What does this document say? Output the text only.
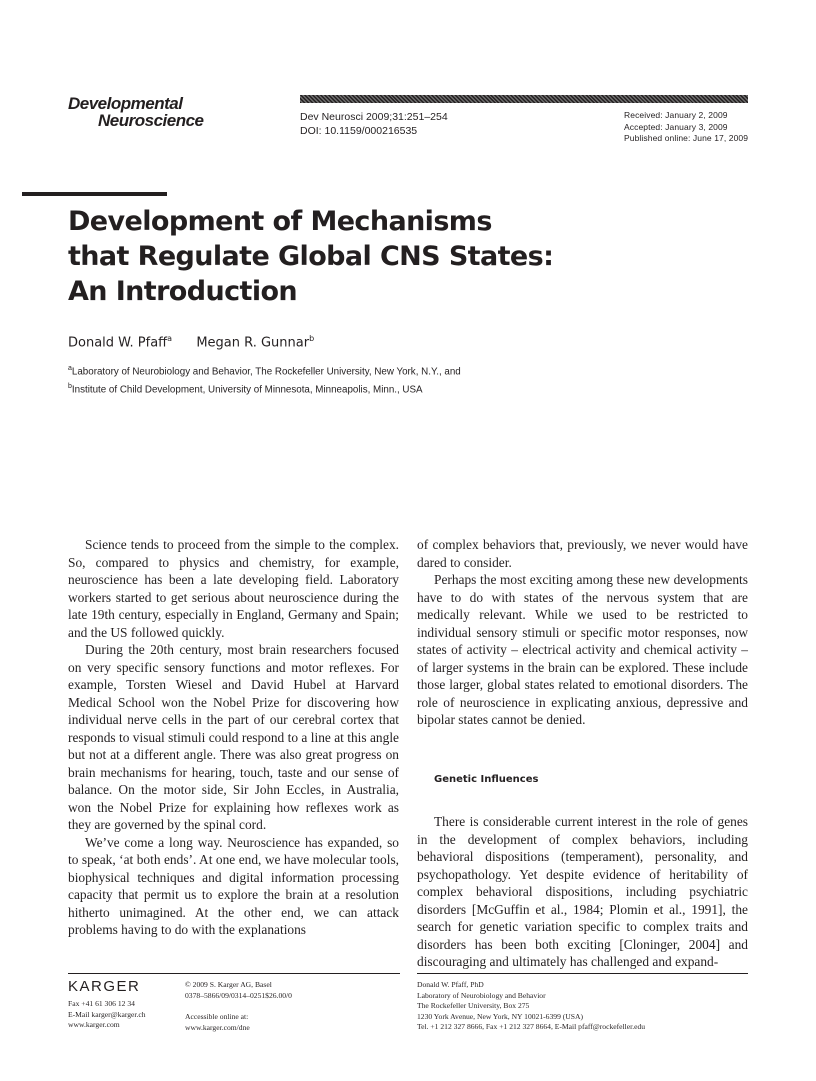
Developmental
Neuroscience	Dev Neurosci 2009;31:251–254
DOI: 10.1159/000216535
Received: January 2, 2009
Accepted: January 3, 2009
Published online: June 17, 2009
Development of Mechanisms
that Regulate Global CNS States:
An Introduction
Donald W. Pfaff$^a$ Megan R. Gunnar$^b$
$^a$Laboratory of Neurobiology and Behavior, The Rockefeller University, New York, N.Y., and
$^b$Institute of Child Development, University of Minnesota, Minneapolis, Minn., USA

Science tends to proceed from the simple to the complex. So, compared to physics and chemistry, for example, neuroscience has been a late developing field. Laboratory workers started to get serious about neuroscience during the late 19th century, especially in England, Germany and Spain; and the US followed quickly.

During the 20th century, most brain researchers focused on very specific sensory functions and motor reflexes. For example, Torsten Wiesel and David Hubel at Harvard Medical School won the Nobel Prize for discovering how individual nerve cells in the part of our cerebral cortex that responds to visual stimuli could respond to a line at this angle but not at a different angle. There was also great progress on brain mechanisms for hearing, touch, taste and our sense of balance. On the motor side, Sir John Eccles, in Australia, won the Nobel Prize for explaining how reflexes work as they are governed by the spinal cord.

We’ve come a long way. Neuroscience has expanded, so to speak, ‘at both ends’. At one end, we have molecular tools, biophysical techniques and digital information processing capacity that permit us to explore the brain at a resolution hitherto unimagined. At the other end, we can attack problems having to do with the explanations

of complex behaviors that, previously, we never would have dared to consider.

Perhaps the most exciting among these new developments have to do with states of the nervous system that are medically relevant. While we used to be restricted to individual sensory stimuli or specific motor responses, now states of activity – electrical activity and chemical activity – of larger systems in the brain can be explored. These include those larger, global states related to emotional disorders. The role of neuroscience in explicating anxious, depressive and bipolar states cannot be denied.

Genetic Influences

There is considerable current interest in the role of genes in the development of complex behaviors, including behavioral dispositions (temperament), personality, and psychopathology. Yet despite evidence of heritability of complex behavioral dispositions, including psychiatric disorders [McGuffin et al., 1984; Plomin et al., 1991], the search for genetic variation specific to complex traits and disorders has been both exciting [Cloninger, 2004] and discouraging and ultimately has challenged and expand-

KARGER
Fax +41 61 306 12 34
E-Mail karger@karger.ch
www.karger.com
© 2009 S. Karger AG, Basel
0378–5866/09/0314–0251$26.00/0
Accessible online at:
www.karger.com/dne
Donald W. Pfaff, PhD
Laboratory of Neurobiology and Behavior
The Rockefeller University, Box 275
1230 York Avenue, New York, NY 10021-6399 (USA)
Tel. +1 212 327 8666, Fax +1 212 327 8664, E-Mail pfaff@rockefeller.edu
